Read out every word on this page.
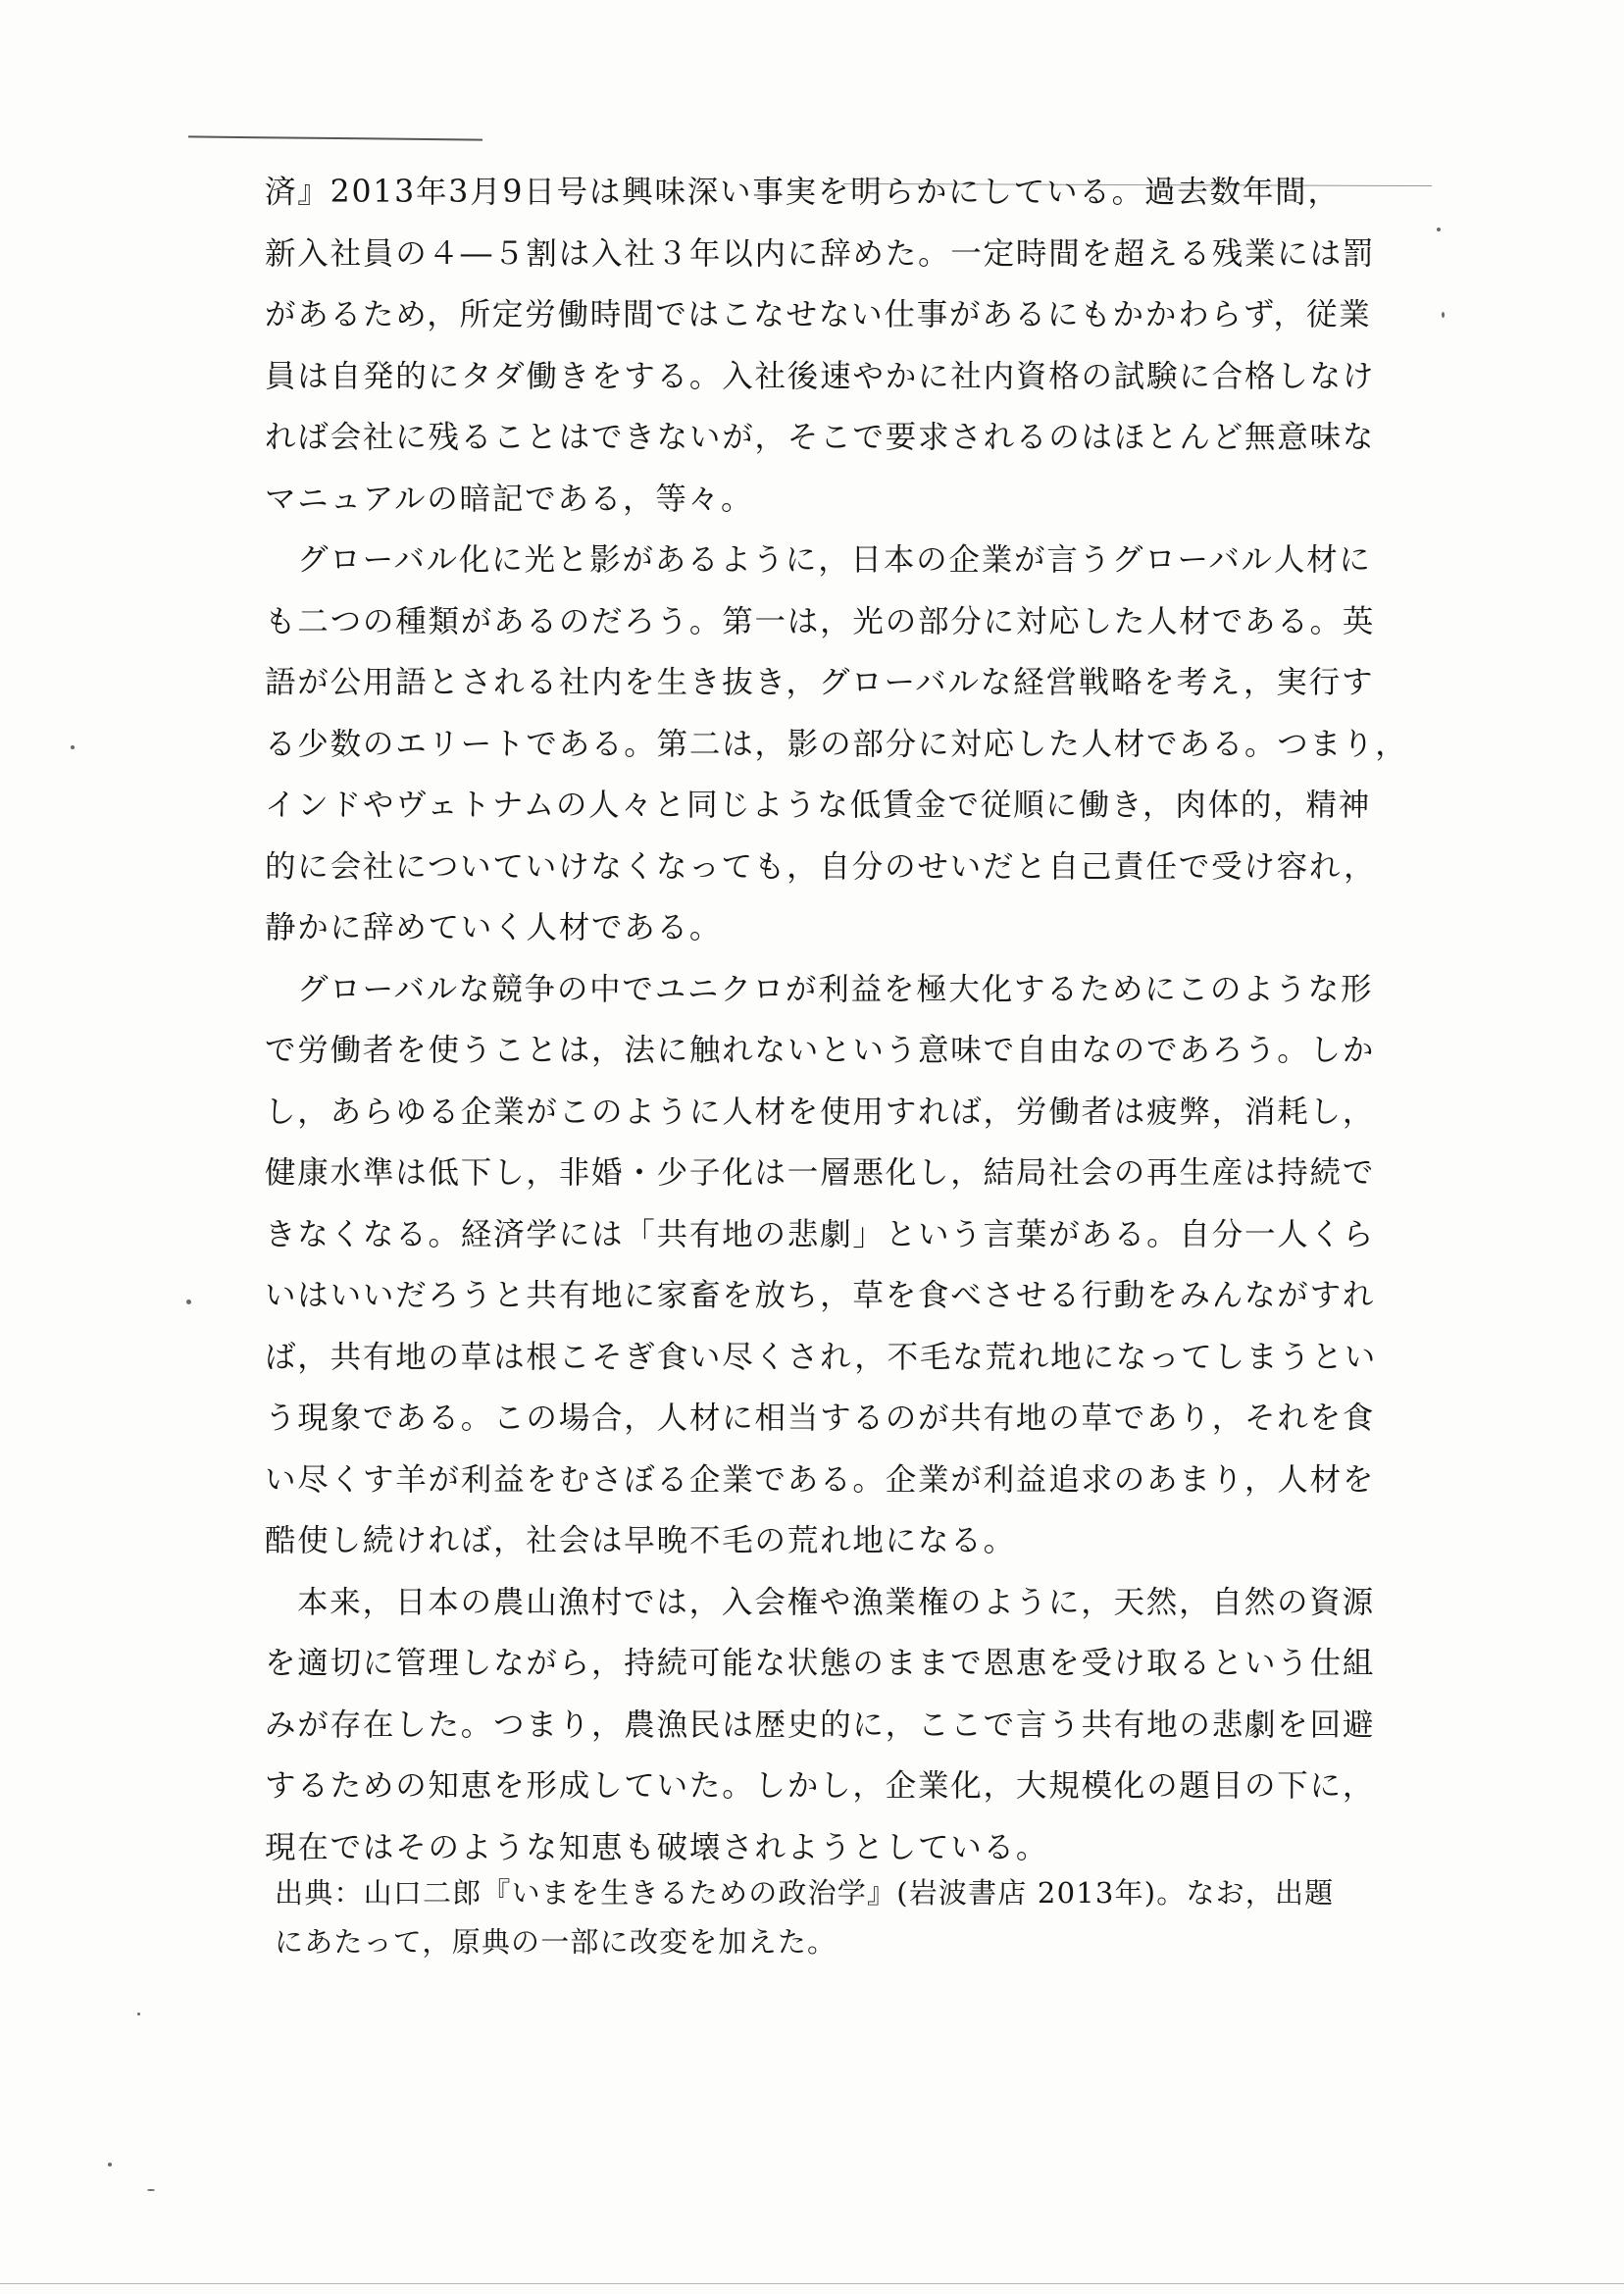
済』2013年3月9日号は興味深い事実を明らかにしている。過去数年間，
新入社員の４―５割は入社３年以内に辞めた。一定時間を超える残業には罰
があるため，所定労働時間ではこなせない仕事があるにもかかわらず，従業
員は自発的にタダ働きをする。入社後速やかに社内資格の試験に合格しなけ
れば会社に残ることはできないが，そこで要求されるのはほとんど無意味な
マニュアルの暗記である，等々。
グローバル化に光と影があるように，日本の企業が言うグローバル人材に
も二つの種類があるのだろう。第一は，光の部分に対応した人材である。英
語が公用語とされる社内を生き抜き，グローバルな経営戦略を考え，実行す
る少数のエリートである。第二は，影の部分に対応した人材である。つまり，
インドやヴェトナムの人々と同じような低賃金で従順に働き，肉体的，精神
的に会社についていけなくなっても，自分のせいだと自己責任で受け容れ，
静かに辞めていく人材である。
グローバルな競争の中でユニクロが利益を極大化するためにこのような形
で労働者を使うことは，法に触れないという意味で自由なのであろう。しか
し，あらゆる企業がこのように人材を使用すれば，労働者は疲弊，消耗し，
健康水準は低下し，非婚・少子化は一層悪化し，結局社会の再生産は持続で
きなくなる。経済学には「共有地の悲劇」という言葉がある。自分一人くら
いはいいだろうと共有地に家畜を放ち，草を食べさせる行動をみんながすれ
ば，共有地の草は根こそぎ食い尽くされ，不毛な荒れ地になってしまうとい
う現象である。この場合，人材に相当するのが共有地の草であり，それを食
い尽くす羊が利益をむさぼる企業である。企業が利益追求のあまり，人材を
酷使し続ければ，社会は早晩不毛の荒れ地になる。
本来，日本の農山漁村では，入会権や漁業権のように，天然，自然の資源
を適切に管理しながら，持続可能な状態のままで恩恵を受け取るという仕組
みが存在した。つまり，農漁民は歴史的に，ここで言う共有地の悲劇を回避
するための知恵を形成していた。しかし，企業化，大規模化の題目の下に，
現在ではそのような知恵も破壊されようとしている。
出典：山口二郎『いまを生きるための政治学』(岩波書店 2013年)。なお，出題
にあたって，原典の一部に改変を加えた。
